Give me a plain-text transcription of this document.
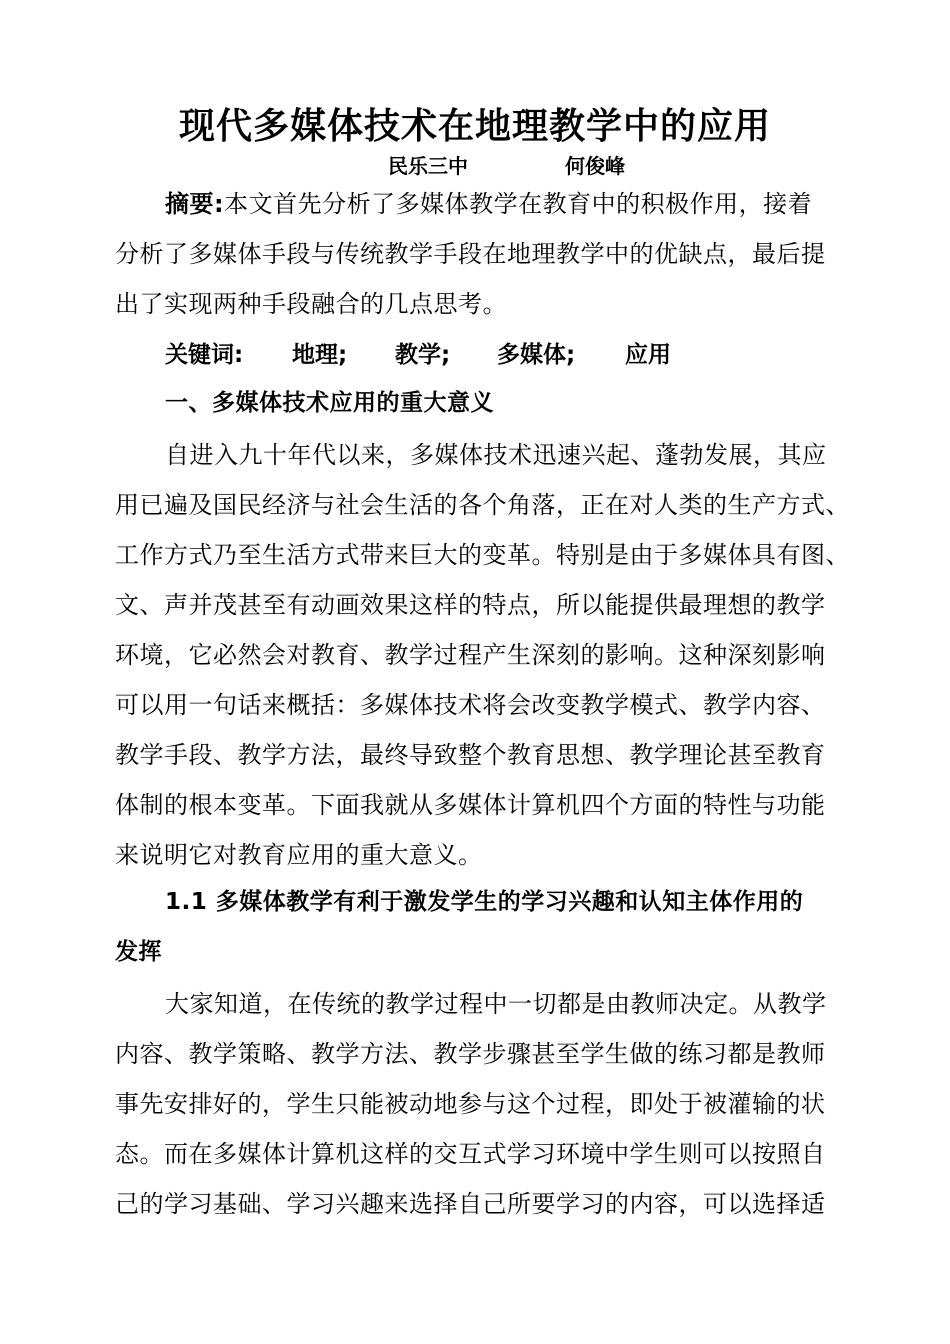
现代多媒体技术在地理教学中的应用
民乐三中	何俊峰
摘要:本文首先分析了多媒体教学在教育中的积极作用，接着
分析了多媒体手段与传统教学手段在地理教学中的优缺点，最后提
出了实现两种手段融合的几点思考。
关键词: 地理; 教学; 多媒体; 应用
一、多媒体技术应用的重大意义
自进入九十年代以来，多媒体技术迅速兴起、蓬勃发展，其应
用已遍及国民经济与社会生活的各个角落，正在对人类的生产方式、
工作方式乃至生活方式带来巨大的变革。特别是由于多媒体具有图、
文、声并茂甚至有动画效果这样的特点，所以能提供最理想的教学
环境，它必然会对教育、教学过程产生深刻的影响。这种深刻影响
可以用一句话来概括：多媒体技术将会改变教学模式、教学内容、
教学手段、教学方法，最终导致整个教育思想、教学理论甚至教育
体制的根本变革。下面我就从多媒体计算机四个方面的特性与功能
来说明它对教育应用的重大意义。
1.1 多媒体教学有利于激发学生的学习兴趣和认知主体作用的
发挥
大家知道，在传统的教学过程中一切都是由教师决定。从教学
内容、教学策略、教学方法、教学步骤甚至学生做的练习都是教师
事先安排好的，学生只能被动地参与这个过程，即处于被灌输的状
态。而在多媒体计算机这样的交互式学习环境中学生则可以按照自
己的学习基础、学习兴趣来选择自己所要学习的内容，可以选择适
